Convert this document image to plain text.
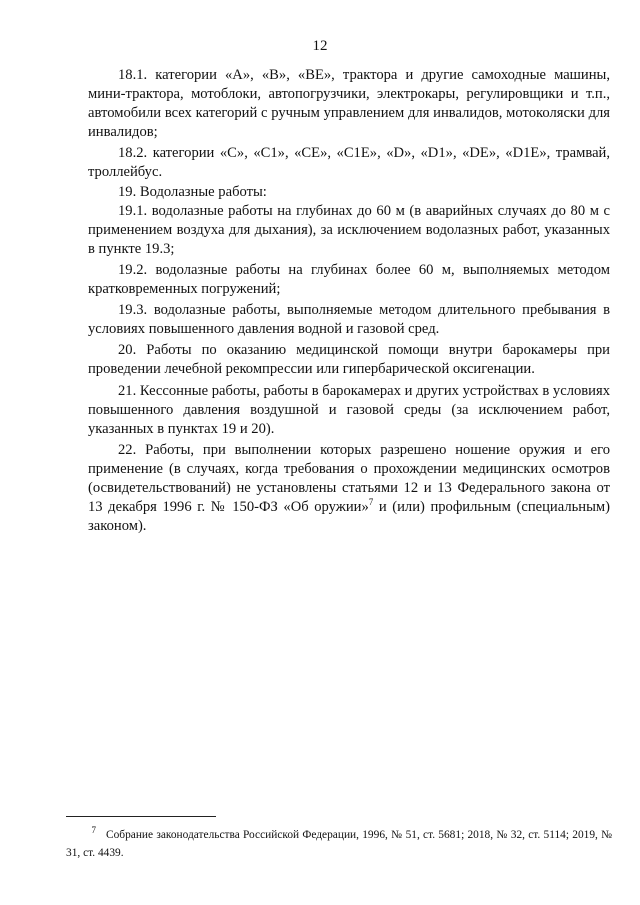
12

18.1. категории «А», «В», «ВЕ», трактора и другие самоходные машины, мини-трактора, мотоблоки, автопогрузчики, электрокары, регулировщики и т.п., автомобили всех категорий с ручным управлением для инвалидов, мотоколяски для инвалидов;

18.2. категории «С», «С1», «СЕ», «С1Е», «D», «D1», «DE», «D1E», трамвай, троллейбус.

19. Водолазные работы:

19.1. водолазные работы на глубинах до 60 м (в аварийных случаях до 80 м с применением воздуха для дыхания), за исключением водолазных работ, указанных в пункте 19.3;

19.2. водолазные работы на глубинах более 60 м, выполняемых методом кратковременных погружений;

19.3. водолазные работы, выполняемые методом длительного пребывания в условиях повышенного давления водной и газовой сред.

20. Работы по оказанию медицинской помощи внутри барокамеры при проведении лечебной рекомпрессии или гипербарической оксигенации.

21. Кессонные работы, работы в барокамерах и других устройствах в условиях повышенного давления воздушной и газовой среды (за исключением работ, указанных в пунктах 19 и 20).

22. Работы, при выполнении которых разрешено ношение оружия и его применение (в случаях, когда требования о прохождении медицинских осмотров (освидетельствований) не установлены статьями 12 и 13 Федерального закона от 13 декабря 1996 г. № 150-ФЗ «Об оружии»$^7$ и (или) профильным (специальным) законом).

7 Собрание законодательства Российской Федерации, 1996, № 51, ст. 5681; 2018, № 32, ст. 5114; 2019, № 31, ст. 4439.
